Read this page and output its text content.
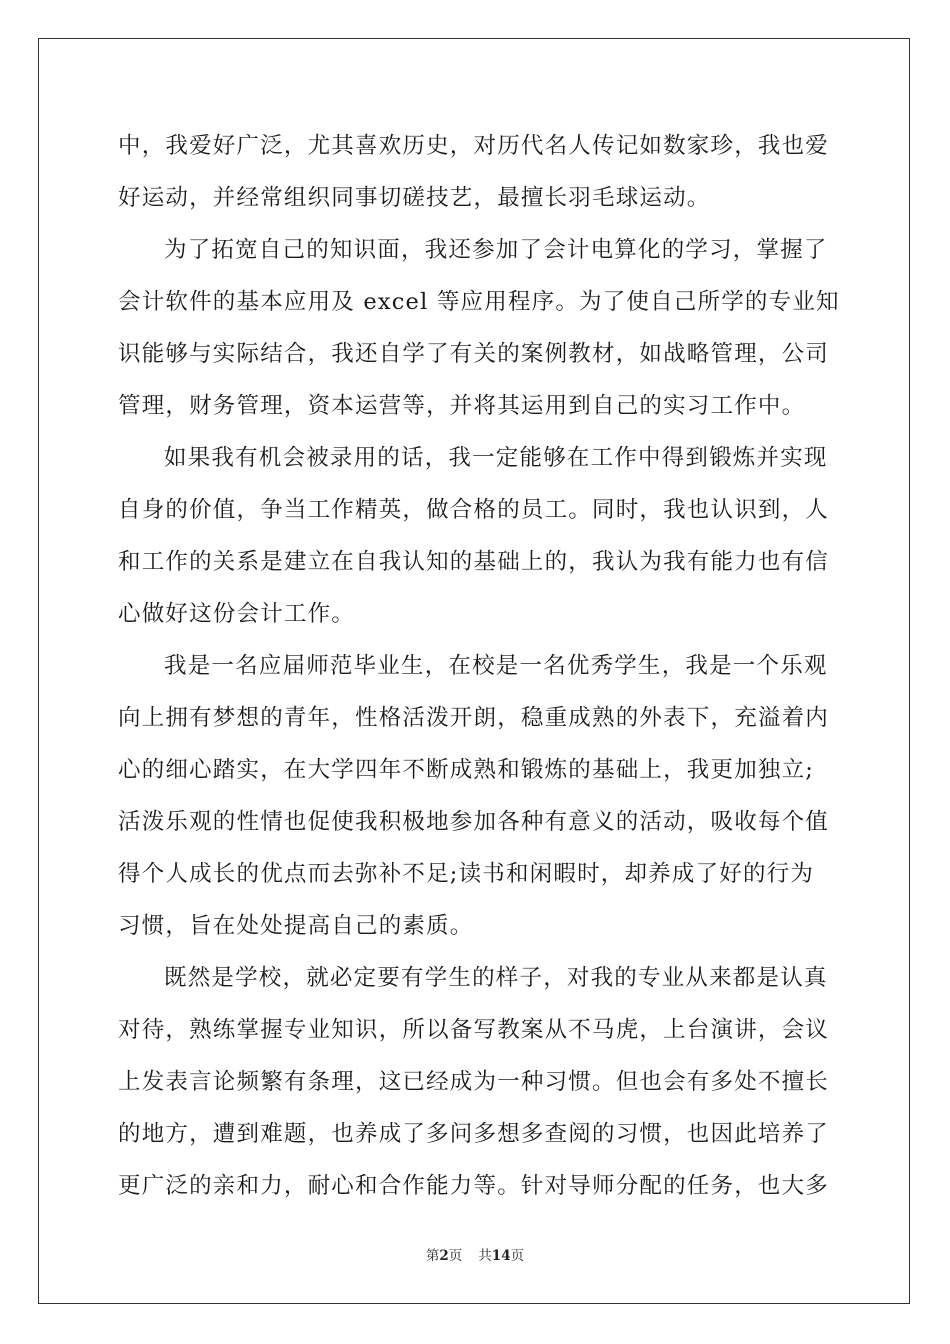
中，我爱好广泛，尤其喜欢历史，对历代名人传记如数家珍，我也爱
好运动，并经常组织同事切磋技艺，最擅长羽毛球运动。
为了拓宽自己的知识面，我还参加了会计电算化的学习，掌握了
会计软件的基本应用及 excel 等应用程序。为了使自己所学的专业知
识能够与实际结合，我还自学了有关的案例教材，如战略管理，公司
管理，财务管理，资本运营等，并将其运用到自己的实习工作中。
如果我有机会被录用的话，我一定能够在工作中得到锻炼并实现
自身的价值，争当工作精英，做合格的员工。同时，我也认识到，人
和工作的关系是建立在自我认知的基础上的，我认为我有能力也有信
心做好这份会计工作。
我是一名应届师范毕业生，在校是一名优秀学生，我是一个乐观
向上拥有梦想的青年，性格活泼开朗，稳重成熟的外表下，充溢着内
心的细心踏实，在大学四年不断成熟和锻炼的基础上，我更加独立;
活泼乐观的性情也促使我积极地参加各种有意义的活动，吸收每个值
得个人成长的优点而去弥补不足;读书和闲暇时，却养成了好的行为
习惯，旨在处处提高自己的素质。
既然是学校，就必定要有学生的样子，对我的专业从来都是认真
对待，熟练掌握专业知识，所以备写教案从不马虎，上台演讲，会议
上发表言论频繁有条理，这已经成为一种习惯。但也会有多处不擅长
的地方，遭到难题，也养成了多问多想多查阅的习惯，也因此培养了
更广泛的亲和力，耐心和合作能力等。针对导师分配的任务，也大多
第2页 共14页
